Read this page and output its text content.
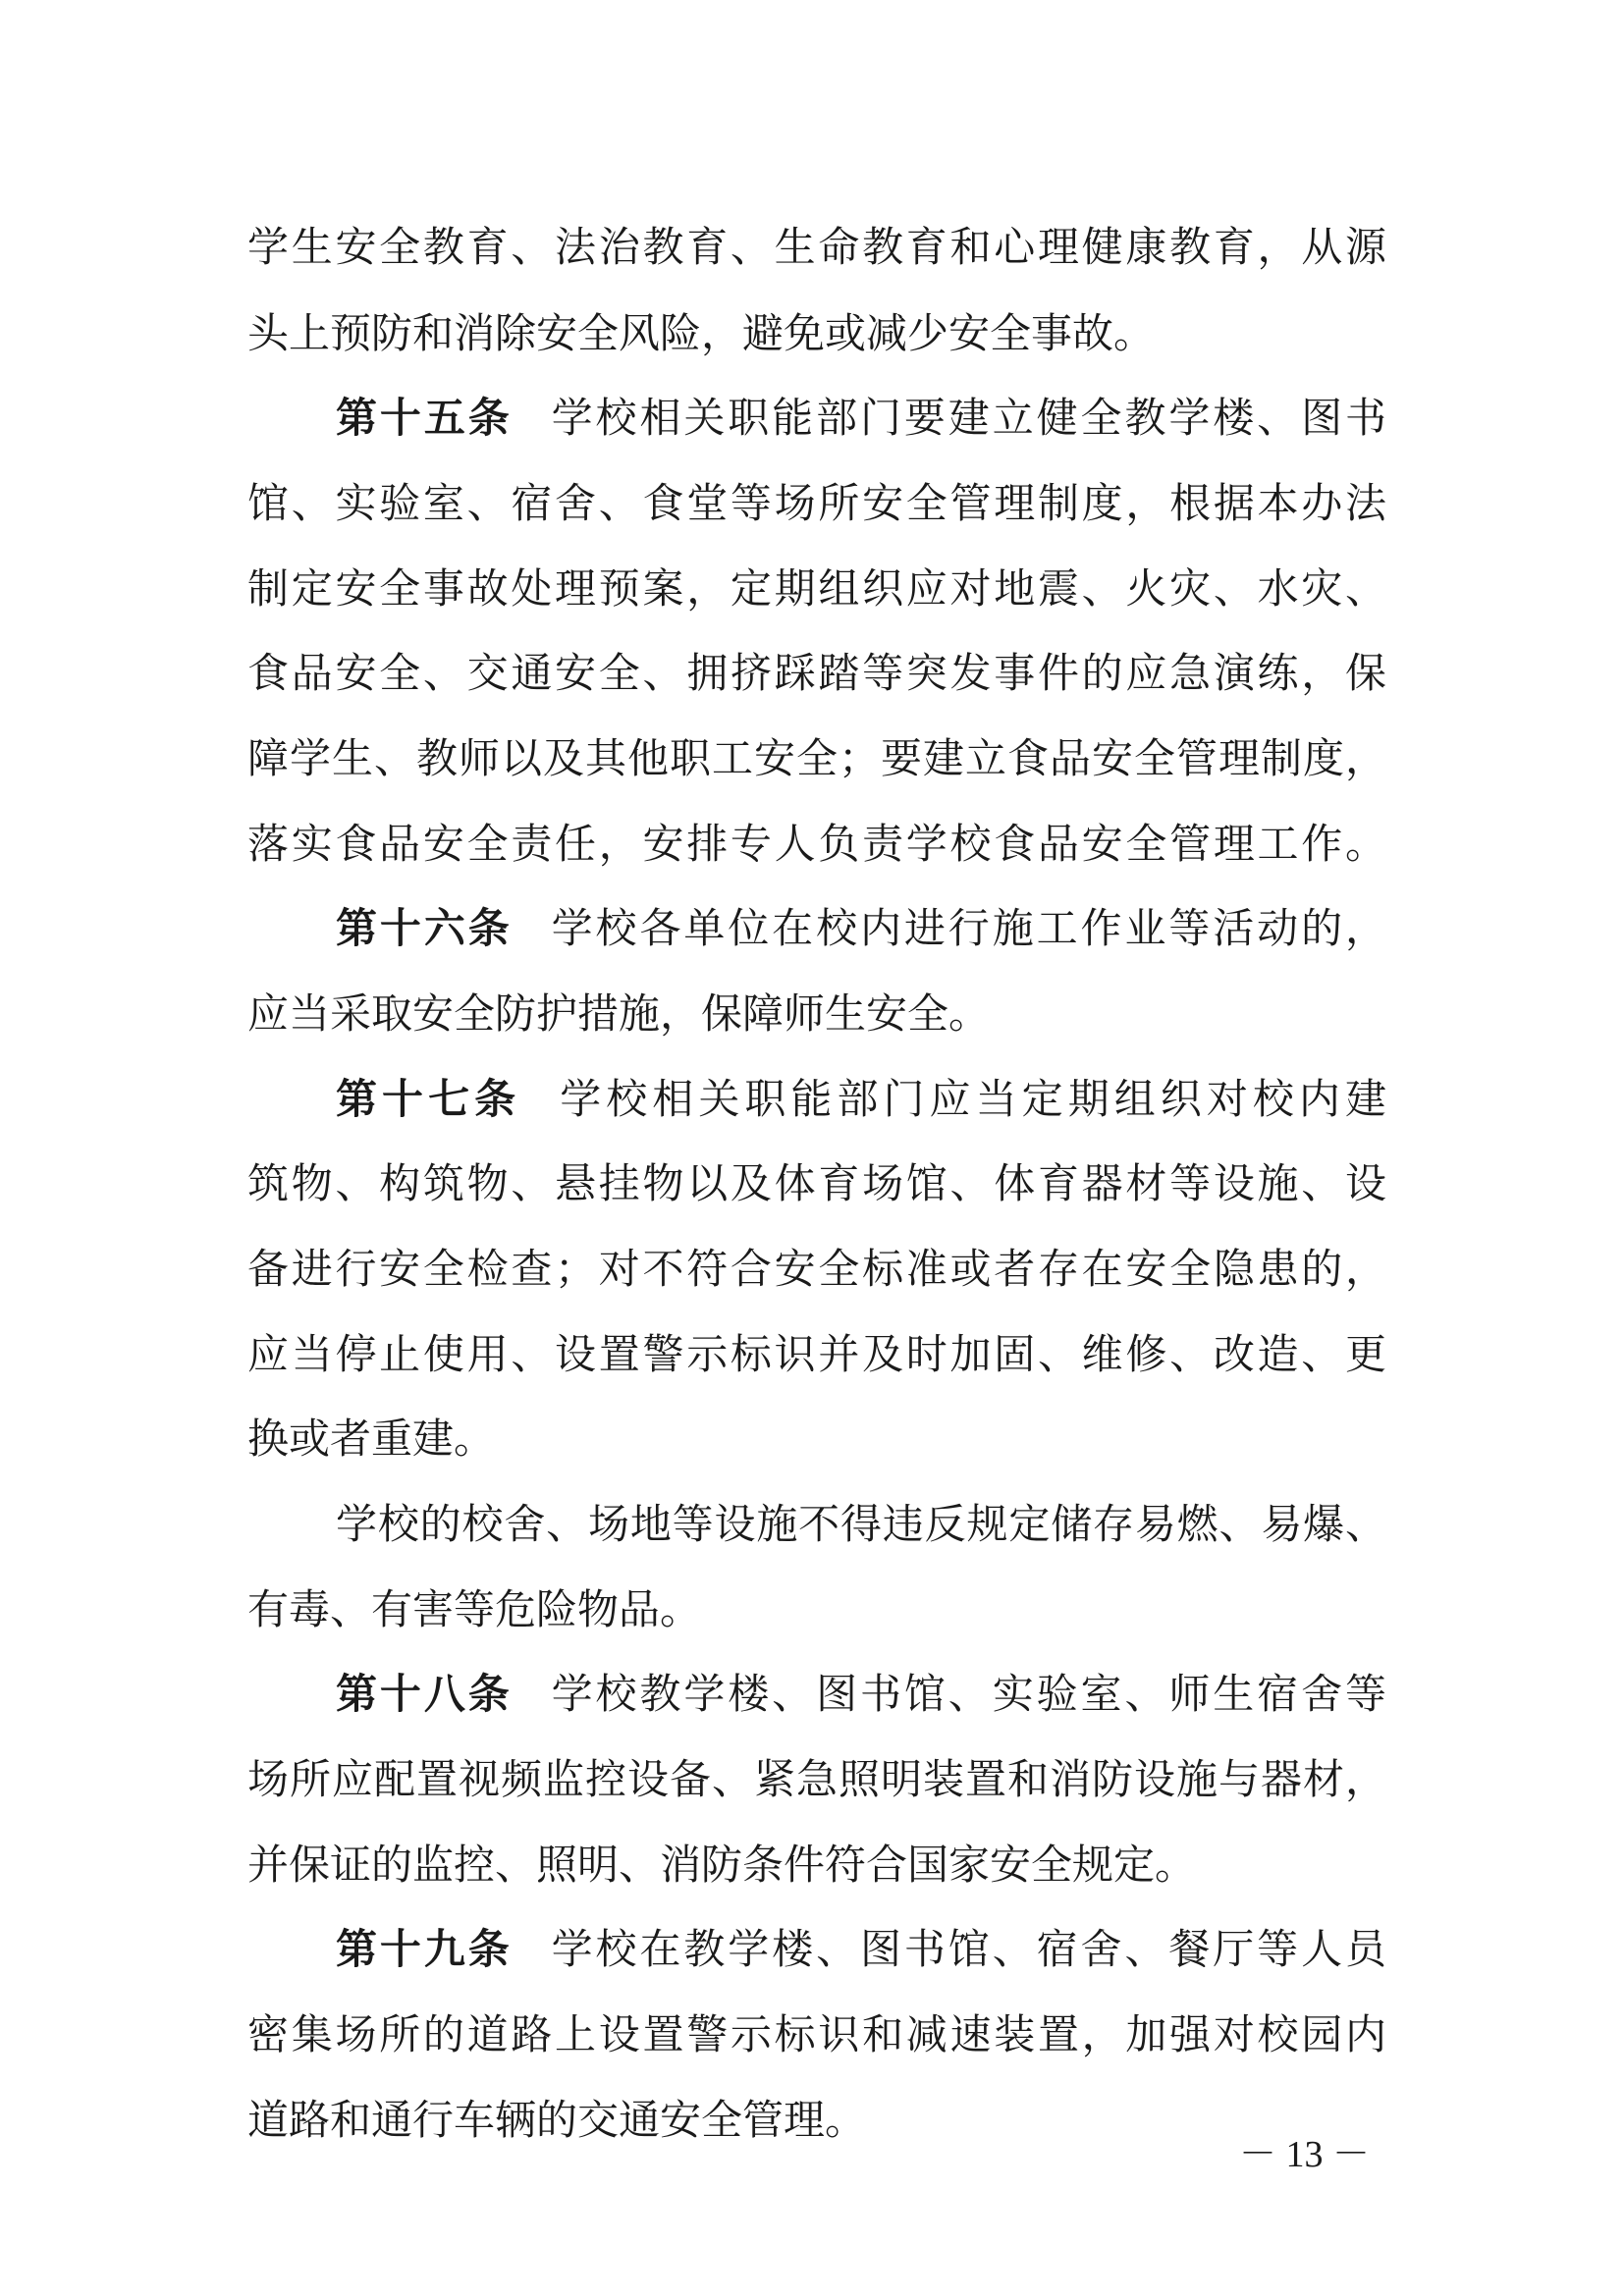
学生安全教育、法治教育、生命教育和心理健康教育，从源
头上预防和消除安全风险，避免或减少安全事故。
第十五条 学校相关职能部门要建立健全教学楼、图书
馆、实验室、宿舍、食堂等场所安全管理制度，根据本办法
制定安全事故处理预案，定期组织应对地震、火灾、水灾、
食品安全、交通安全、拥挤踩踏等突发事件的应急演练，保
障学生、教师以及其他职工安全；要建立食品安全管理制度，
落实食品安全责任，安排专人负责学校食品安全管理工作。
第十六条 学校各单位在校内进行施工作业等活动的，
应当采取安全防护措施，保障师生安全。
第十七条 学校相关职能部门应当定期组织对校内建
筑物、构筑物、悬挂物以及体育场馆、体育器材等设施、设
备进行安全检查；对不符合安全标准或者存在安全隐患的，
应当停止使用、设置警示标识并及时加固、维修、改造、更
换或者重建。
学校的校舍、场地等设施不得违反规定储存易燃、易爆、
有毒、有害等危险物品。
第十八条 学校教学楼、图书馆、实验室、师生宿舍等
场所应配置视频监控设备、紧急照明装置和消防设施与器材，
并保证的监控、照明、消防条件符合国家安全规定。
第十九条 学校在教学楼、图书馆、宿舍、餐厅等人员
密集场所的道路上设置警示标识和减速装置，加强对校园内
道路和通行车辆的交通安全管理。
－ 13 －
